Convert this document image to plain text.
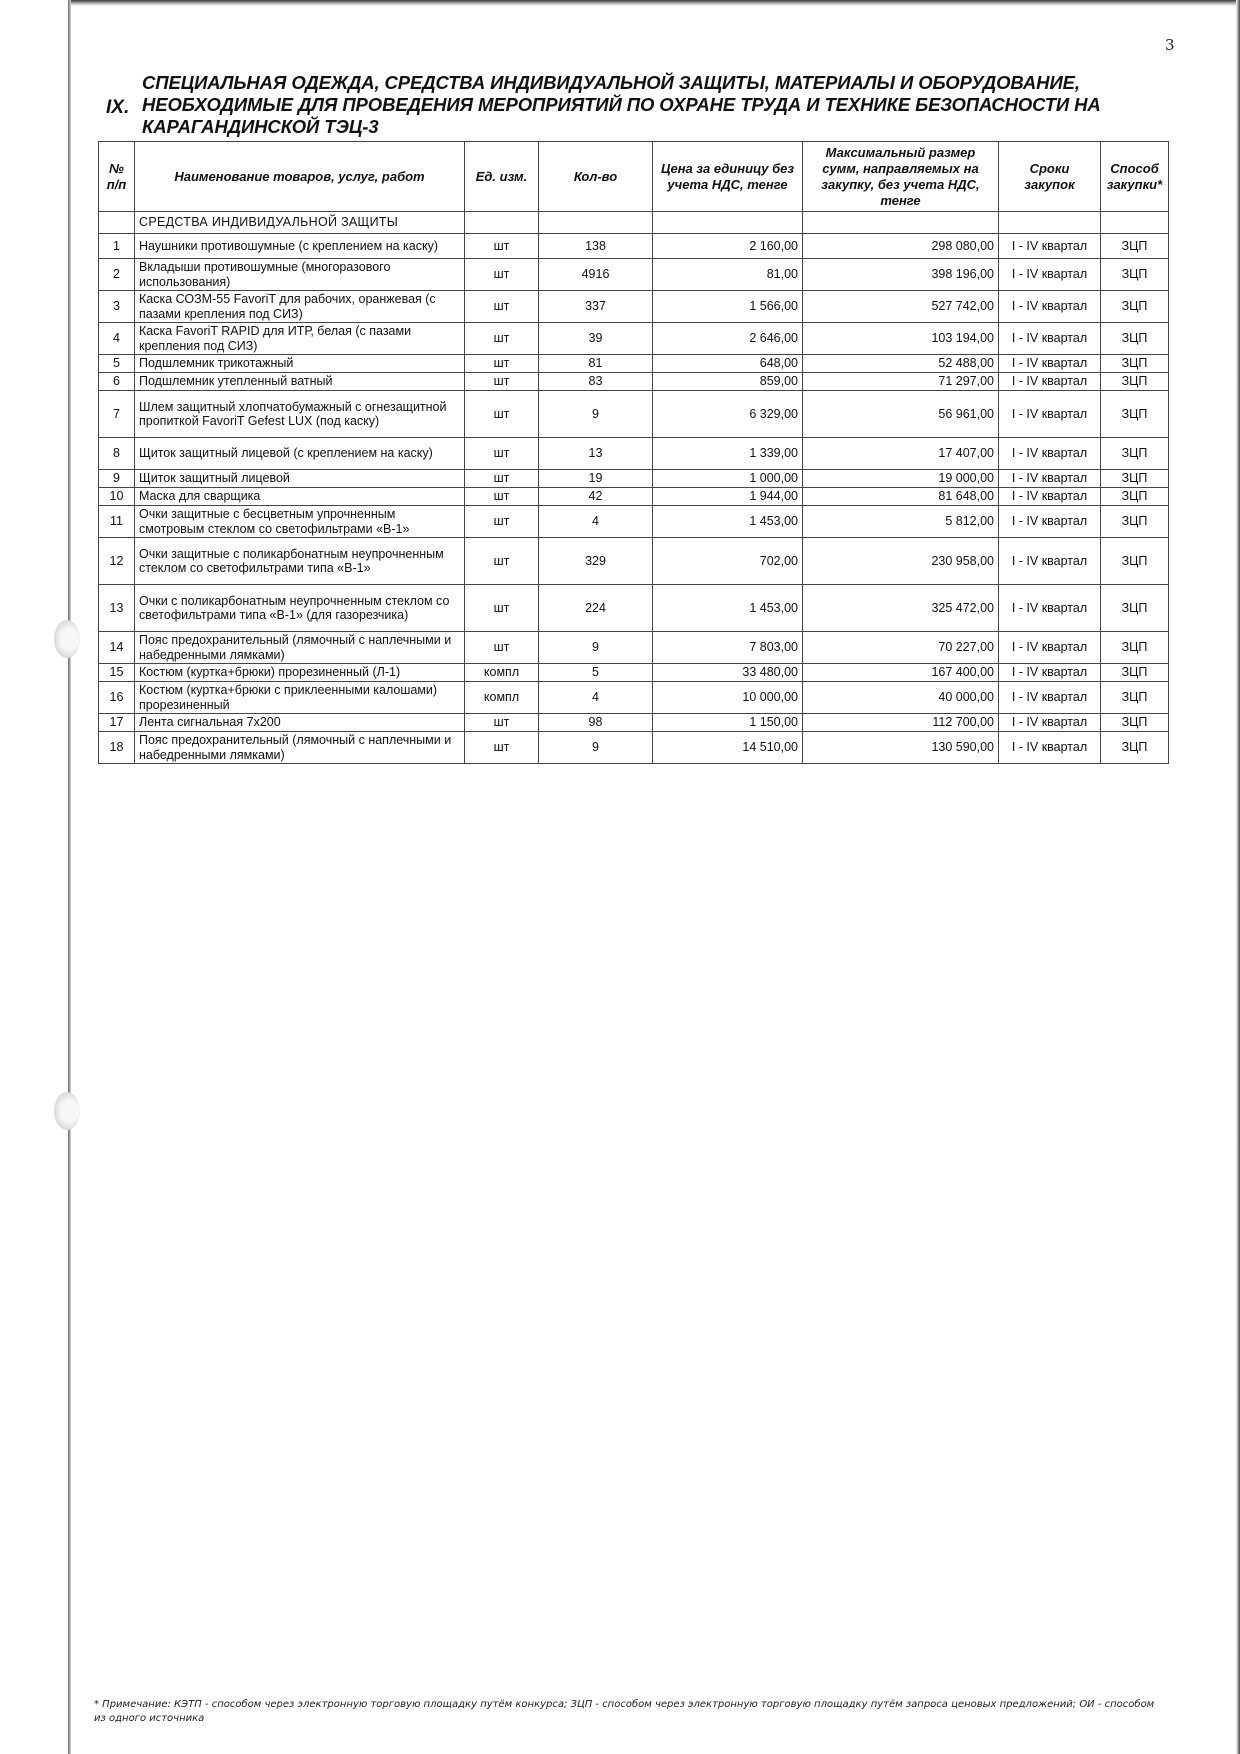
3
IX.
СПЕЦИАЛЬНАЯ ОДЕЖДА, СРЕДСТВА ИНДИВИДУАЛЬНОЙ ЗАЩИТЫ, МАТЕРИАЛЫ И ОБОРУДОВАНИЕ, НЕОБХОДИМЫЕ ДЛЯ ПРОВЕДЕНИЯ МЕРОПРИЯТИЙ ПО ОХРАНЕ ТРУДА И ТЕХНИКЕ БЕЗОПАСНОСТИ НА КАРАГАНДИНСКОЙ ТЭЦ-3
№ п/п	Наименование товаров, услуг, работ	Ед. изм.	Кол-во	Цена за единицу без учета НДС, тенге	Максимальный размер сумм, направляемых на закупку, без учета НДС, тенге	Сроки закупок	Способ закупки*
	СРЕДСТВА ИНДИВИДУАЛЬНОЙ ЗАЩИТЫ						
1	Наушники противошумные (с креплением на каску)	шт	138	2 160,00	298 080,00	I - IV квартал	ЗЦП
2	Вкладыши противошумные (многоразового использования)	шт	4916	81,00	398 196,00	I - IV квартал	ЗЦП
3	Каска СОЗМ-55 FavoriT для рабочих, оранжевая (с пазами крепления под СИЗ)	шт	337	1 566,00	527 742,00	I - IV квартал	ЗЦП
4	Каска FavoriT RAPID для ИТР, белая (с пазами крепления под СИЗ)	шт	39	2 646,00	103 194,00	I - IV квартал	ЗЦП
5	Подшлемник трикотажный	шт	81	648,00	52 488,00	I - IV квартал	ЗЦП
6	Подшлемник утепленный ватный	шт	83	859,00	71 297,00	I - IV квартал	ЗЦП
7	Шлем защитный хлопчатобумажный с огнезащитной пропиткой FavoriT Gefest LUX (под каску)	шт	9	6 329,00	56 961,00	I - IV квартал	ЗЦП
8	Щиток защитный лицевой (с креплением на каску)	шт	13	1 339,00	17 407,00	I - IV квартал	ЗЦП
9	Щиток защитный лицевой	шт	19	1 000,00	19 000,00	I - IV квартал	ЗЦП
10	Маска для сварщика	шт	42	1 944,00	81 648,00	I - IV квартал	ЗЦП
11	Очки защитные с бесцветным упрочненным смотровым стеклом со светофильтрами «В-1»	шт	4	1 453,00	5 812,00	I - IV квартал	ЗЦП
12	Очки защитные с поликарбонатным неупрочненным стеклом со светофильтрами типа «В-1»	шт	329	702,00	230 958,00	I - IV квартал	ЗЦП
13	Очки с поликарбонатным неупрочненным стеклом со светофильтрами типа «В-1» (для газорезчика)	шт	224	1 453,00	325 472,00	I - IV квартал	ЗЦП
14	Пояс предохранительный (лямочный с наплечными и набедренными лямками)	шт	9	7 803,00	70 227,00	I - IV квартал	ЗЦП
15	Костюм (куртка+брюки) прорезиненный (Л-1)	компл	5	33 480,00	167 400,00	I - IV квартал	ЗЦП
16	Костюм (куртка+брюки с приклеенными калошами) прорезиненный	компл	4	10 000,00	40 000,00	I - IV квартал	ЗЦП
17	Лента сигнальная 7х200	шт	98	1 150,00	112 700,00	I - IV квартал	ЗЦП
18	Пояс предохранительный (лямочный с наплечными и набедренными лямками)	шт	9	14 510,00	130 590,00	I - IV квартал	ЗЦП
* Примечание: КЭТП - способом через электронную торговую площадку путём конкурса; ЗЦП - способом через электронную торговую площадку путём запроса ценовых предложений; ОИ - способом из одного источника
